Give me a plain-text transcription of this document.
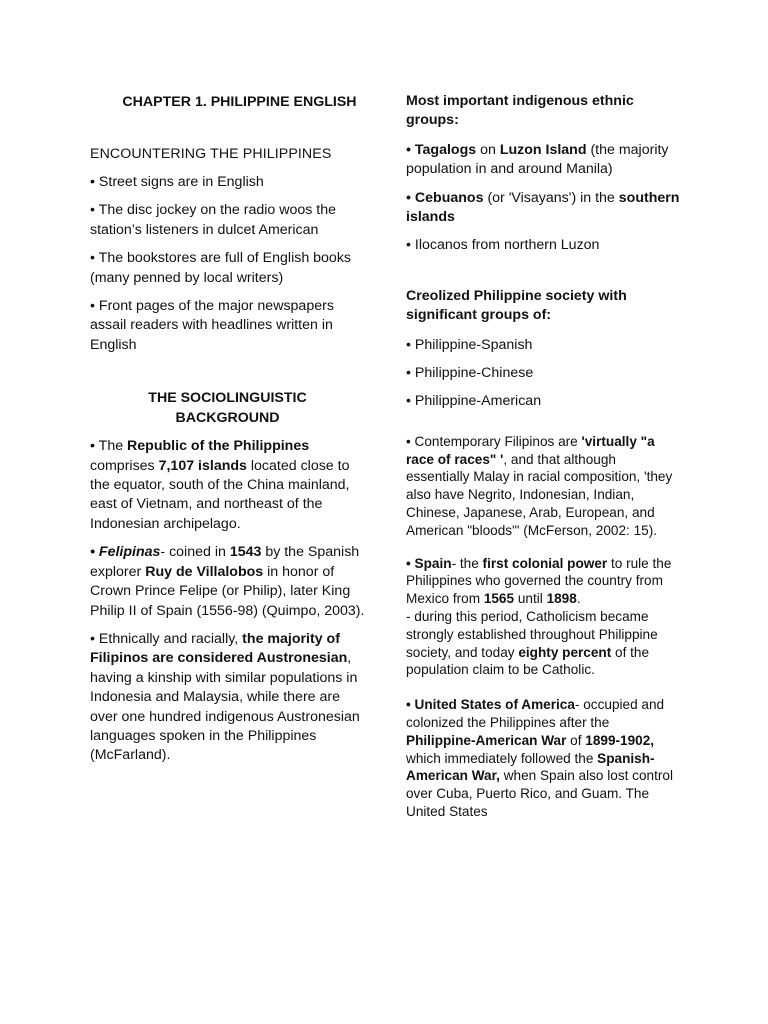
CHAPTER 1. PHILIPPINE ENGLISH

ENCOUNTERING THE PHILIPPINES

• Street signs are in English

• The disc jockey on the radio woos the station’s listeners in dulcet American

• The bookstores are full of English books (many penned by local writers)

• Front pages of the major newspapers assail readers with headlines written in English

THE SOCIOLINGUISTIC
BACKGROUND

• The Republic of the Philippines comprises 7,107 islands located close to the equator, south of the China mainland, east of Vietnam, and northeast of the Indonesian archipelago.

• Felipinas- coined in 1543 by the Spanish explorer Ruy de Villalobos in honor of Crown Prince Felipe (or Philip), later King Philip II of Spain (1556-98) (Quimpo, 2003).

• Ethnically and racially, the majority of Filipinos are considered Austronesian, having a kinship with similar populations in Indonesia and Malaysia, while there are over one hundred indigenous Austronesian languages spoken in the Philippines (McFarland).

Most important indigenous ethnic groups:

• Tagalogs on Luzon Island (the majority population in and around Manila)

• Cebuanos (or 'Visayans') in the southern islands

• Ilocanos from northern Luzon

Creolized Philippine society with significant groups of:

• Philippine-Spanish

• Philippine-Chinese

• Philippine-American

• Contemporary Filipinos are 'virtually "a race of races" ', and that although essentially Malay in racial composition, 'they also have Negrito, Indonesian, Indian, Chinese, Japanese, Arab, European, and American "bloods"' (McFerson, 2002: 15).

• Spain- the first colonial power to rule the Philippines who governed the country from Mexico from 1565 until 1898.
- during this period, Catholicism became strongly established throughout Philippine society, and today eighty percent of the population claim to be Catholic.

• United States of America- occupied and colonized the Philippines after the Philippine-American War of 1899-1902, which immediately followed the Spanish-American War, when Spain also lost control over Cuba, Puerto Rico, and Guam. The United States
